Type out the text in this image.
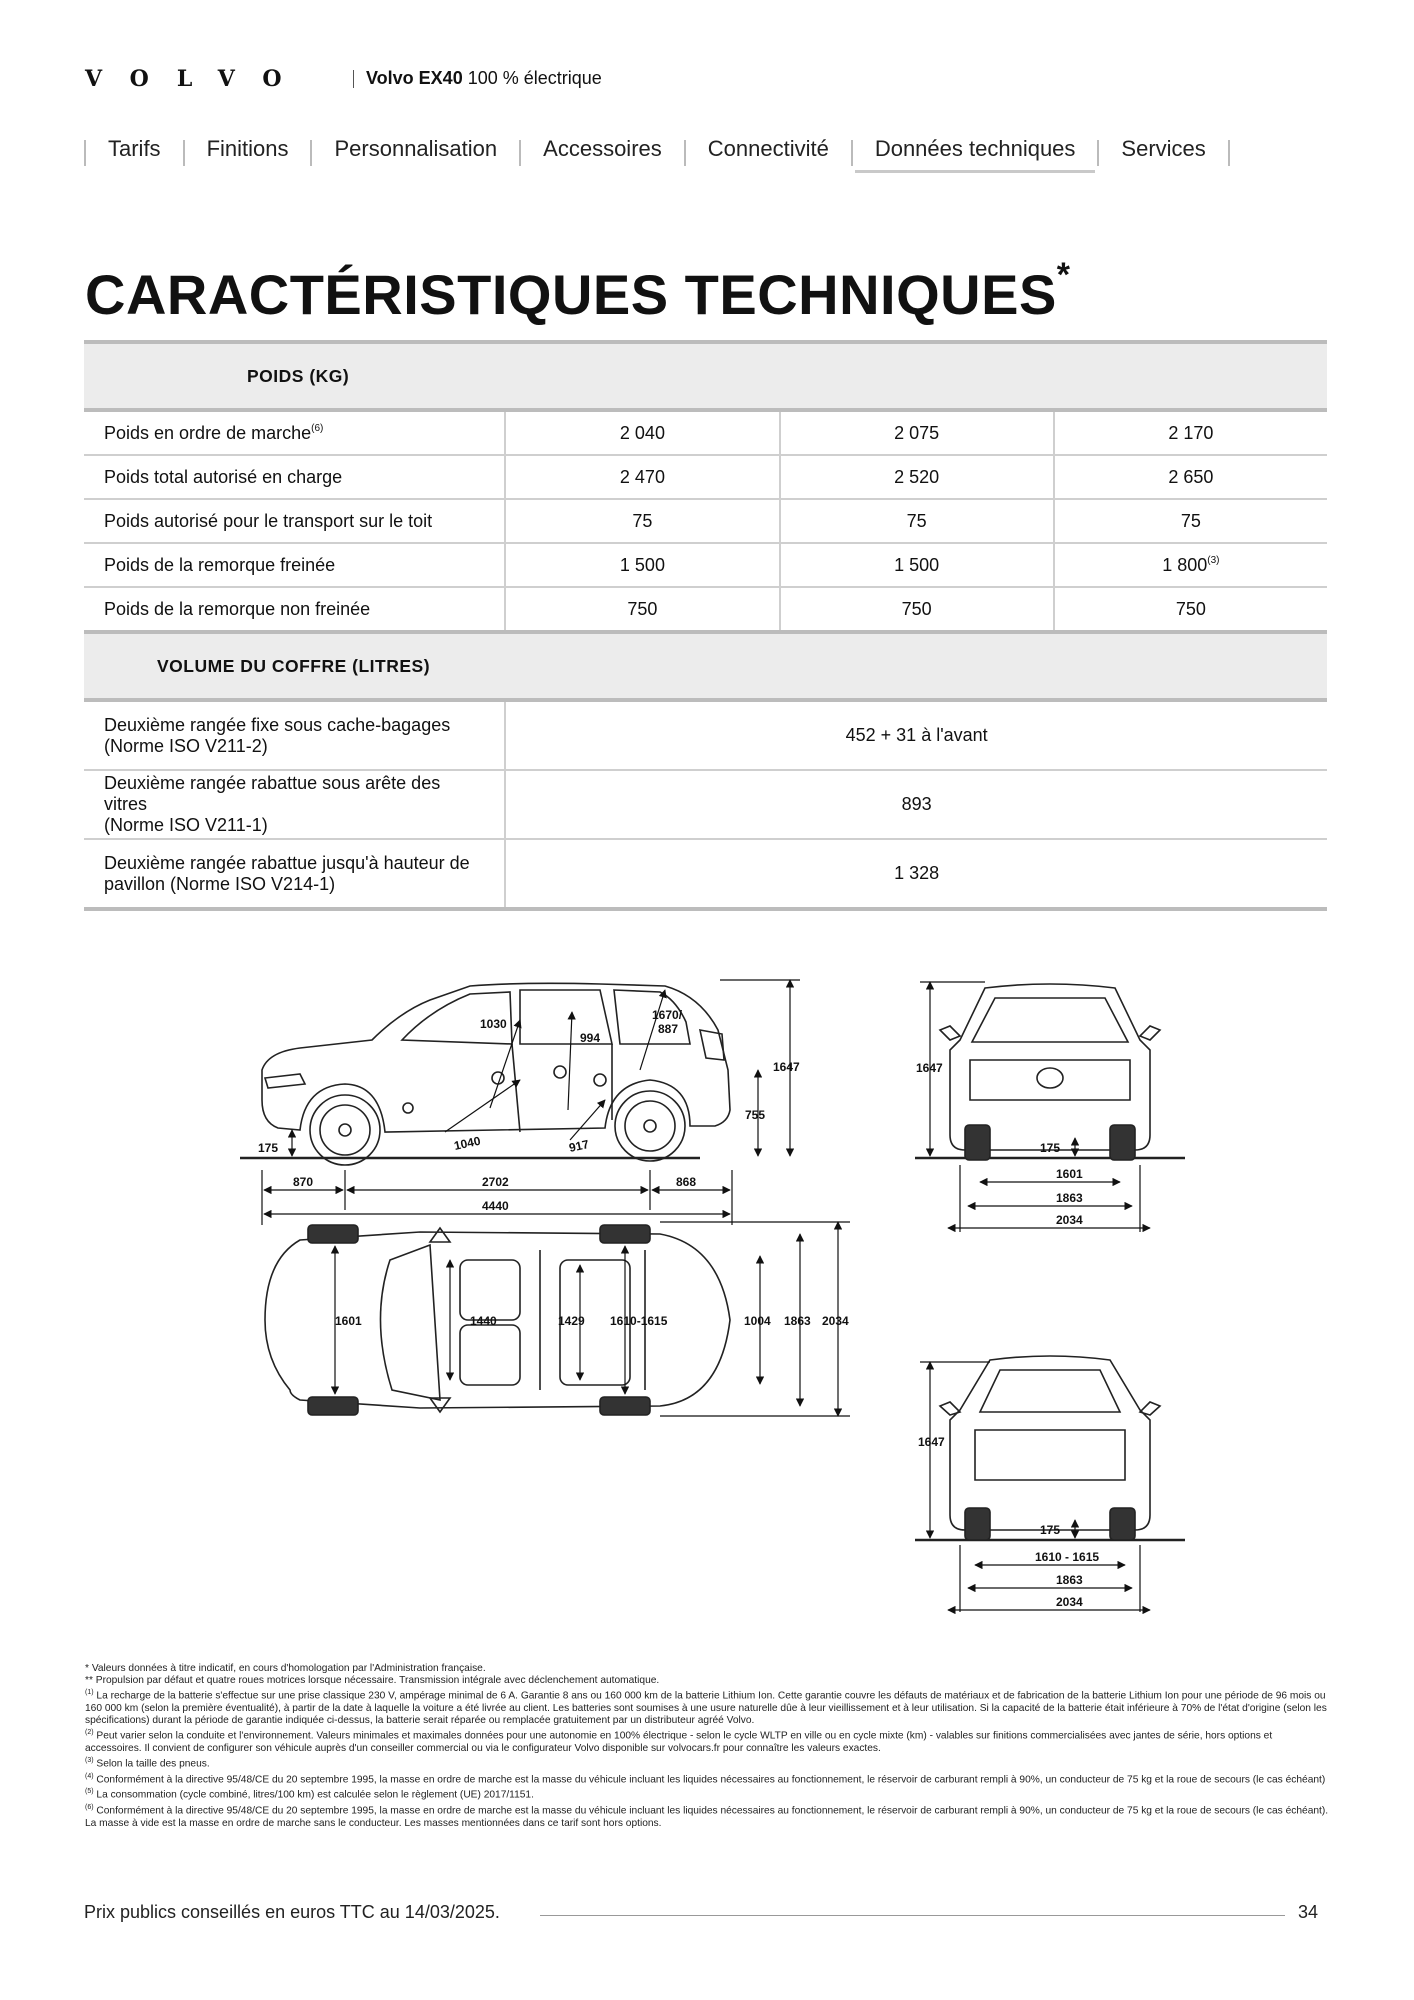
VOLVO	Volvo EX40 100 % électrique
Tarifs	Finitions	Personnalisation	Accessoires	Connectivité	Données techniques	Services
CARACTÉRISTIQUES TECHNIQUES*
POIDS (KG)			
Poids en ordre de marche$^{(6)}$	2 040	2 075	2 170
Poids total autorisé en charge	2 470	2 520	2 650
Poids autorisé pour le transport sur le toit	75	75	75
Poids de la remorque freinée	1 500	1 500	1 800$^{(3)}$
Poids de la remorque non freinée	750	750	750
VOLUME DU COFFRE (LITRES)			
Deuxième rangée fixe sous cache-bagages
(Norme ISO V211-2)	452 + 31 à l'avant		
Deuxième rangée rabattue sous arête des vitres
(Norme ISO V211-1)	893		
Deuxième rangée rabattue jusqu'à hauteur de
pavillon (Norme ISO V214-1)	1 328		
1030
994
1670/
887
1647
755
175	1040	917
870	2702	868
4440
1647
175
1601
1863
2034
1601	1440	1429 1610-1615	1004 1863 2034
1647
175
1610 - 1615
1863
2034

* Valeurs données à titre indicatif, en cours d'homologation par l'Administration française.

** Propulsion par défaut et quatre roues motrices lorsque nécessaire. Transmission intégrale avec déclenchement automatique.

$^{(1)}$ La recharge de la batterie s'effectue sur une prise classique 230 V, ampérage minimal de 6 A. Garantie 8 ans ou 160 000 km de la batterie Lithium Ion. Cette garantie couvre les défauts de matériaux et de fabrication de la batterie Lithium Ion pour une période de 96 mois ou 160 000 km (selon la première éventualité), à partir de la date à laquelle la voiture a été livrée au client. Les batteries sont soumises à une usure naturelle dûe à leur vieillissement et à leur utilisation. Si la capacité de la batterie était inférieure à 70% de l'état d'origine (selon les spécifications) durant la période de garantie indiquée ci-dessus, la batterie serait réparée ou remplacée gratuitement par un distributeur agréé Volvo.

$^{(2)}$ Peut varier selon la conduite et l'environnement. Valeurs minimales et maximales données pour une autonomie en 100% électrique - selon le cycle WLTP en ville ou en cycle mixte (km) - valables sur finitions commercialisées avec jantes de série, hors options et accessoires. Il convient de configurer son véhicule auprès d'un conseiller commercial ou via le configurateur Volvo disponible sur volvocars.fr pour connaître les valeurs exactes.

$^{(3)}$ Selon la taille des pneus.

$^{(4)}$ Conformément à la directive 95/48/CE du 20 septembre 1995, la masse en ordre de marche est la masse du véhicule incluant les liquides nécessaires au fonctionnement, le réservoir de carburant rempli à 90%, un conducteur de 75 kg et la roue de secours (le cas échéant)

$^{(5)}$ La consommation (cycle combiné, litres/100 km) est calculée selon le règlement (UE) 2017/1151.

$^{(6)}$ Conformément à la directive 95/48/CE du 20 septembre 1995, la masse en ordre de marche est la masse du véhicule incluant les liquides nécessaires au fonctionnement, le réservoir de carburant rempli à 90%, un conducteur de 75 kg et la roue de secours (le cas échéant). La masse à vide est la masse en ordre de marche sans le conducteur. Les masses mentionnées dans ce tarif sont hors options.

Prix publics conseillés en euros TTC au 14/03/2025.	34
